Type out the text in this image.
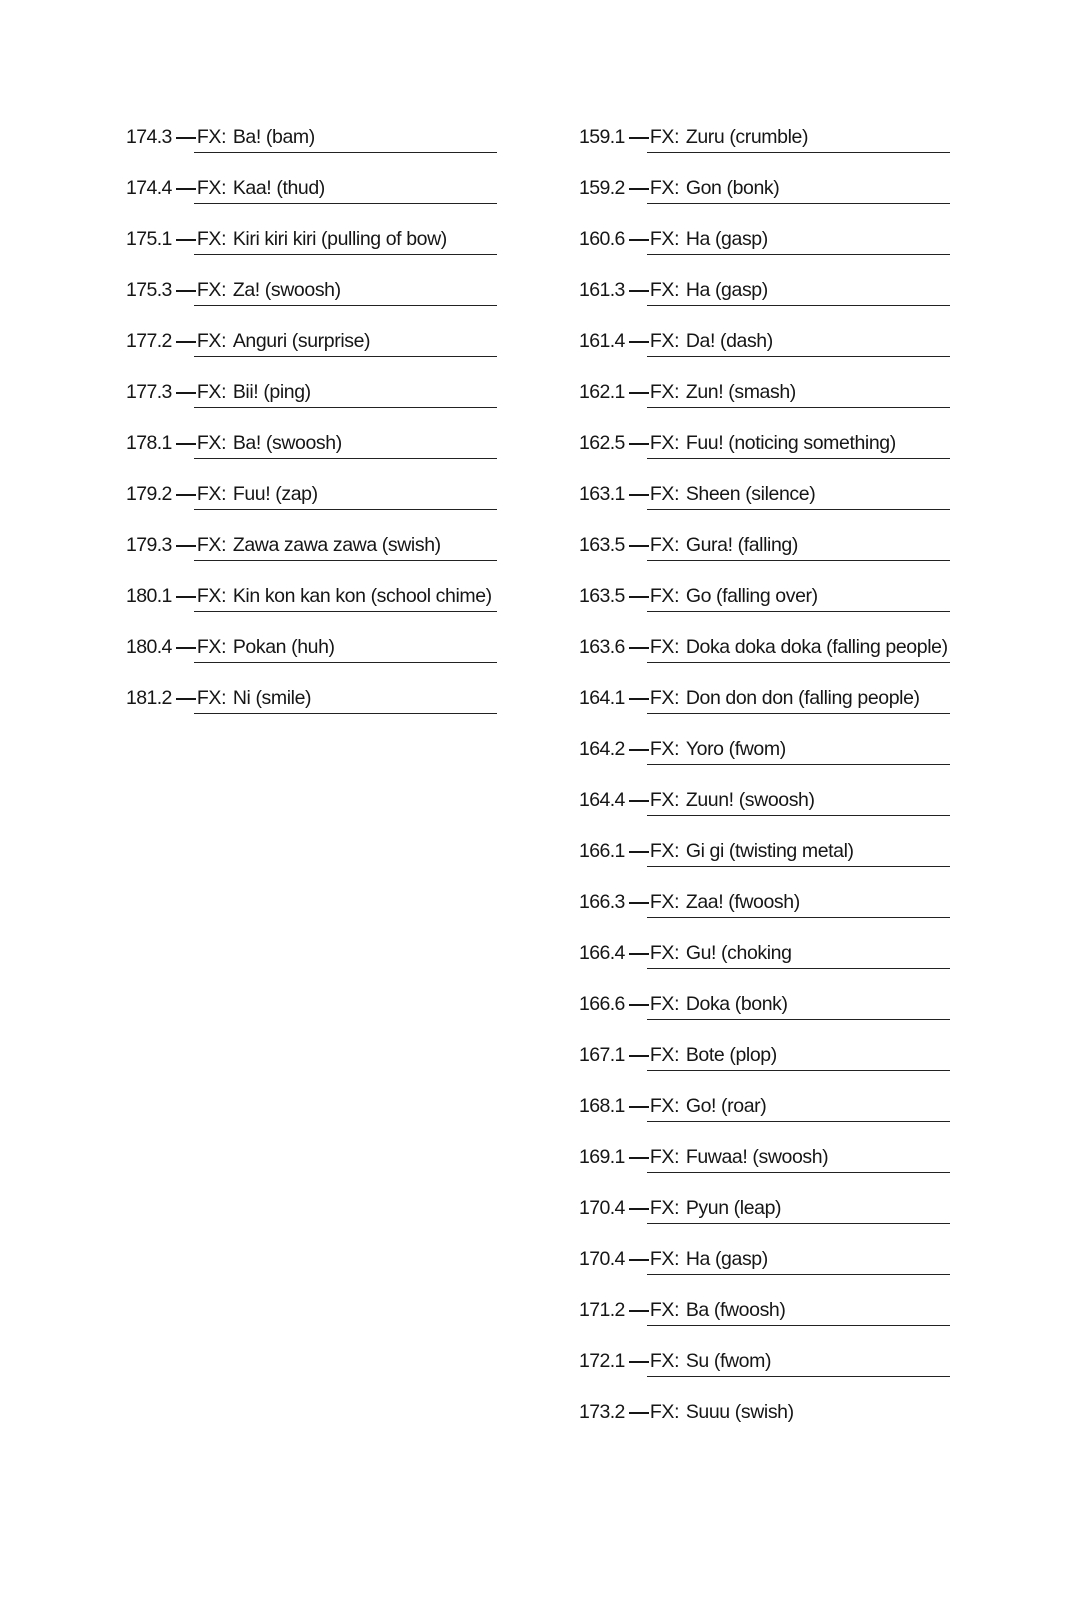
174.3 FX: Ba! (bam)
174.4 FX: Kaa! (thud)
175.1 FX: Kiri kiri kiri (pulling of bow)
175.3 FX: Za! (swoosh)
177.2 FX: Anguri (surprise)
177.3 FX: Bii! (ping)
178.1 FX: Ba! (swoosh)
179.2 FX: Fuu! (zap)
179.3 FX: Zawa zawa zawa (swish)
180.1 FX: Kin kon kan kon (school chime)
180.4 FX: Pokan (huh)
181.2 FX: Ni (smile)
159.1 FX: Zuru (crumble)
159.2 FX: Gon (bonk)
160.6 FX: Ha (gasp)
161.3 FX: Ha (gasp)
161.4 FX: Da! (dash)
162.1 FX: Zun! (smash)
162.5 FX: Fuu! (noticing something)
163.1 FX: Sheen (silence)
163.5 FX: Gura! (falling)
163.5 FX: Go (falling over)
163.6 FX: Doka doka doka (falling people)
164.1 FX: Don don don (falling people)
164.2 FX: Yoro (fwom)
164.4 FX: Zuun! (swoosh)
166.1 FX: Gi gi (twisting metal)
166.3 FX: Zaa! (fwoosh)
166.4 FX: Gu! (choking
166.6 FX: Doka (bonk)
167.1 FX: Bote (plop)
168.1 FX: Go! (roar)
169.1 FX: Fuwaa! (swoosh)
170.4 FX: Pyun (leap)
170.4 FX: Ha (gasp)
171.2 FX: Ba (fwoosh)
172.1 FX: Su (fwom)
173.2 FX: Suuu (swish)
